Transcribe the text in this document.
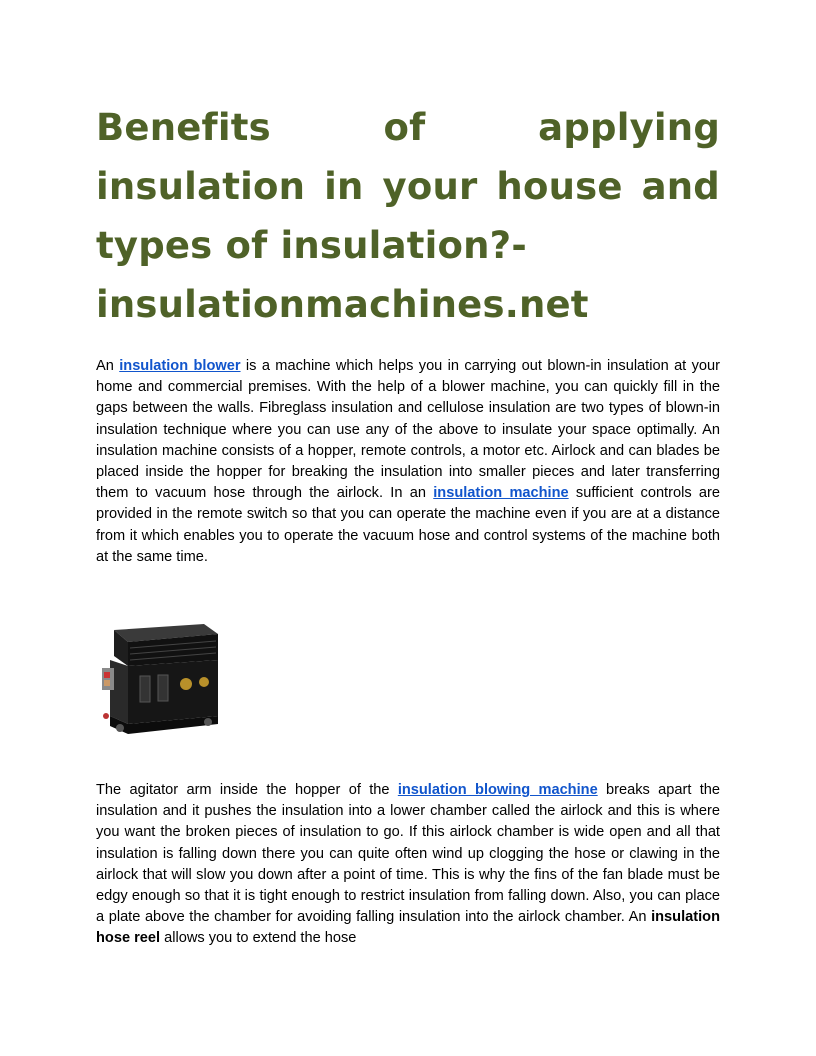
Benefits of applying insulation in your house and types of insulation?-
insulationmachines.net

An insulation blower is a machine which helps you in carrying out blown-in insulation at your home and commercial premises. With the help of a blower machine, you can quickly fill in the gaps between the walls. Fibreglass insulation and cellulose insulation are two types of blown-in insulation technique where you can use any of the above to insulate your space optimally. An insulation machine consists of a hopper, remote controls, a motor etc. Airlock and can blades be placed inside the hopper for breaking the insulation into smaller pieces and later transferring them to vacuum hose through the airlock. In an insulation machine sufficient controls are provided in the remote switch so that you can operate the machine even if you are at a distance from it which enables you to operate the vacuum hose and control systems of the machine both at the same time.

The agitator arm inside the hopper of the insulation blowing machine breaks apart the insulation and it pushes the insulation into a lower chamber called the airlock and this is where you want the broken pieces of insulation to go. If this airlock chamber is wide open and all that insulation is falling down there you can quite often wind up clogging the hose or clawing in the airlock that will slow you down after a point of time. This is why the fins of the fan blade must be edgy enough so that it is tight enough to restrict insulation from falling down. Also, you can place a plate above the chamber for avoiding falling insulation into the airlock chamber. An insulation hose reel allows you to extend the hose
